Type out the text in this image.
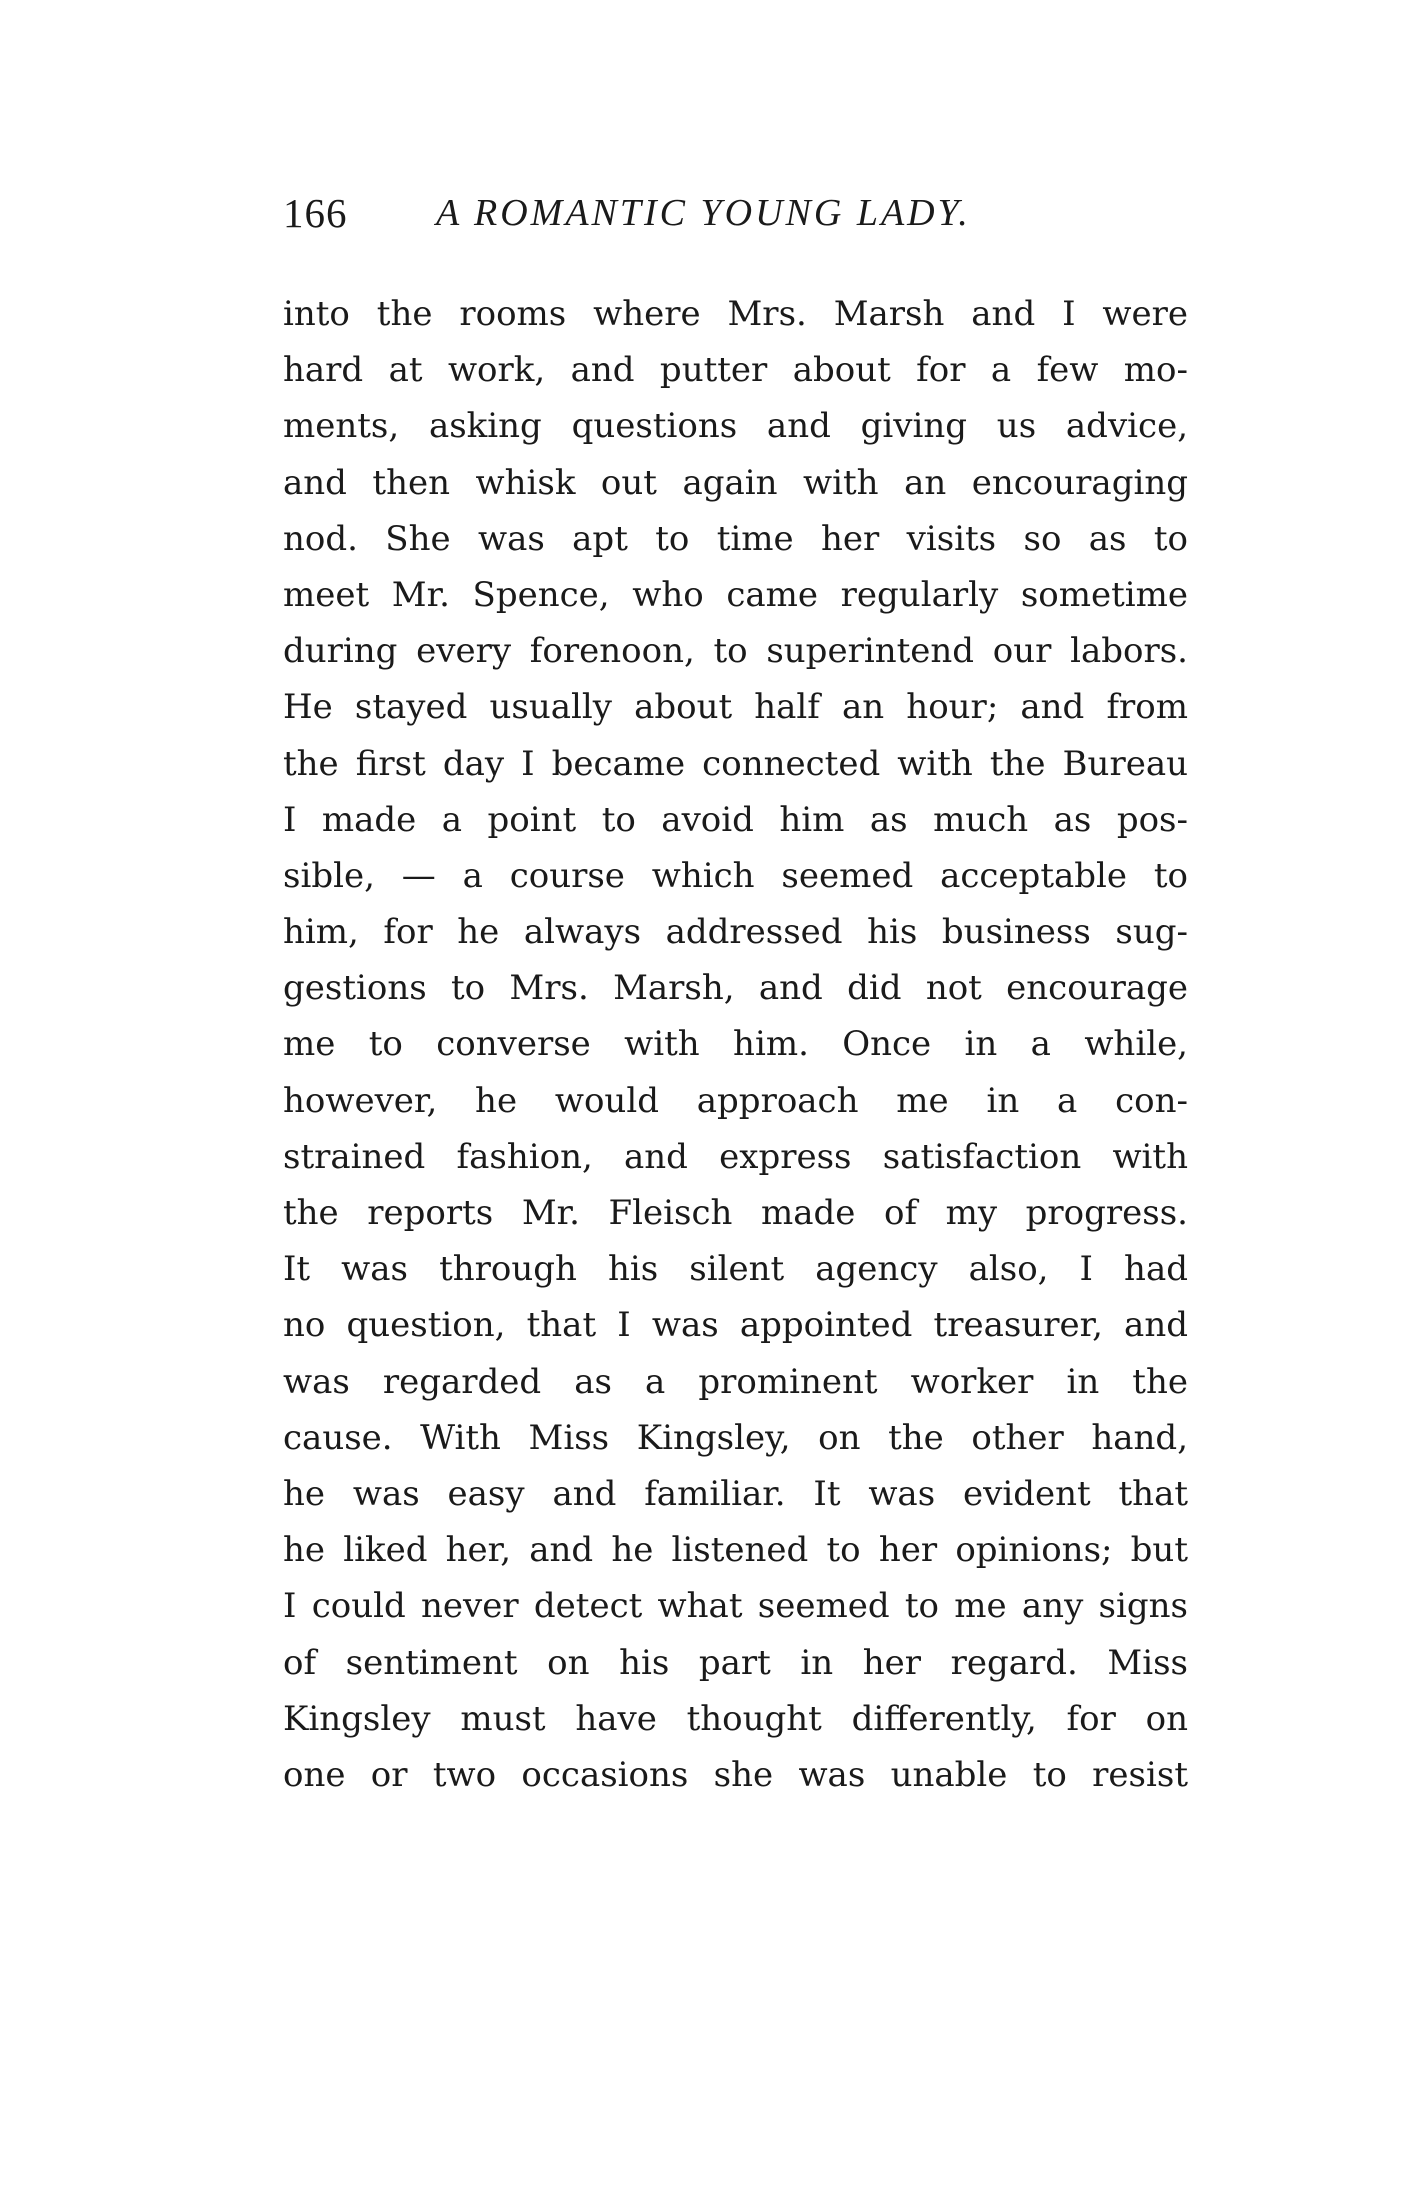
166 A ROMANTIC YOUNG LADY.
into the rooms where Mrs. Marsh and I were
hard at work, and putter about for a few mo-
ments, asking questions and giving us advice,
and then whisk out again with an encouraging
nod. She was apt to time her visits so as to
meet Mr. Spence, who came regularly sometime
during every forenoon, to superintend our labors.
He stayed usually about half an hour; and from
the first day I became connected with the Bureau
I made a point to avoid him as much as pos-
sible, — a course which seemed acceptable to
him, for he always addressed his business sug-
gestions to Mrs. Marsh, and did not encourage
me to converse with him. Once in a while,
however, he would approach me in a con-
strained fashion, and express satisfaction with
the reports Mr. Fleisch made of my progress.
It was through his silent agency also, I had
no question, that I was appointed treasurer, and
was regarded as a prominent worker in the
cause. With Miss Kingsley, on the other hand,
he was easy and familiar. It was evident that
he liked her, and he listened to her opinions; but
I could never detect what seemed to me any signs
of sentiment on his part in her regard. Miss
Kingsley must have thought differently, for on
one or two occasions she was unable to resist
